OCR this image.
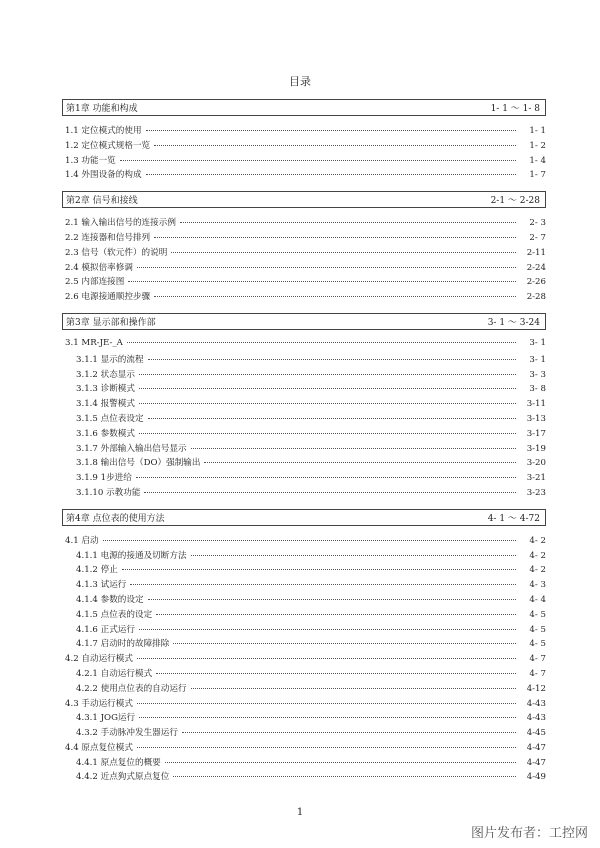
目录
第1章 功能和构成	1- 1 ～ 1- 8
1.1 定位模式的使用	1- 1
1.2 定位模式规格一览	1- 2
1.3 功能一览	1- 4
1.4 外围设备的构成	1- 7
第2章 信号和接线	2-1 ～ 2-28
2.1 输入输出信号的连接示例	2- 3
2.2 连接器和信号排列	2- 7
2.3 信号（软元件）的说明	2-11
2.4 模拟倍率修调	2-24
2.5 内部连接图	2-26
2.6 电源接通顺控步骤	2-28
第3章 显示部和操作部	3- 1 ～ 3-24
3.1 MR-JE-_A	3- 1
3.1.1 显示的流程	3- 1
3.1.2 状态显示	3- 3
3.1.3 诊断模式	3- 8
3.1.4 报警模式	3-11
3.1.5 点位表设定	3-13
3.1.6 参数模式	3-17
3.1.7 外部输入输出信号显示	3-19
3.1.8 输出信号（DO）强制输出	3-20
3.1.9 1步进给	3-21
3.1.10 示教功能	3-23
第4章 点位表的使用方法	4- 1 ～ 4-72
4.1 启动	4- 2
4.1.1 电源的接通及切断方法	4- 2
4.1.2 停止	4- 2
4.1.3 试运行	4- 3
4.1.4 参数的设定	4- 4
4.1.5 点位表的设定	4- 5
4.1.6 正式运行	4- 5
4.1.7 启动时的故障排除	4- 5
4.2 自动运行模式	4- 7
4.2.1 自动运行模式	4- 7
4.2.2 使用点位表的自动运行	4-12
4.3 手动运行模式	4-43
4.3.1 JOG运行	4-43
4.3.2 手动脉冲发生器运行	4-45
4.4 原点复位模式	4-47
4.4.1 原点复位的概要	4-47
4.4.2 近点狗式原点复位	4-49
1
图片发布者：工控网
